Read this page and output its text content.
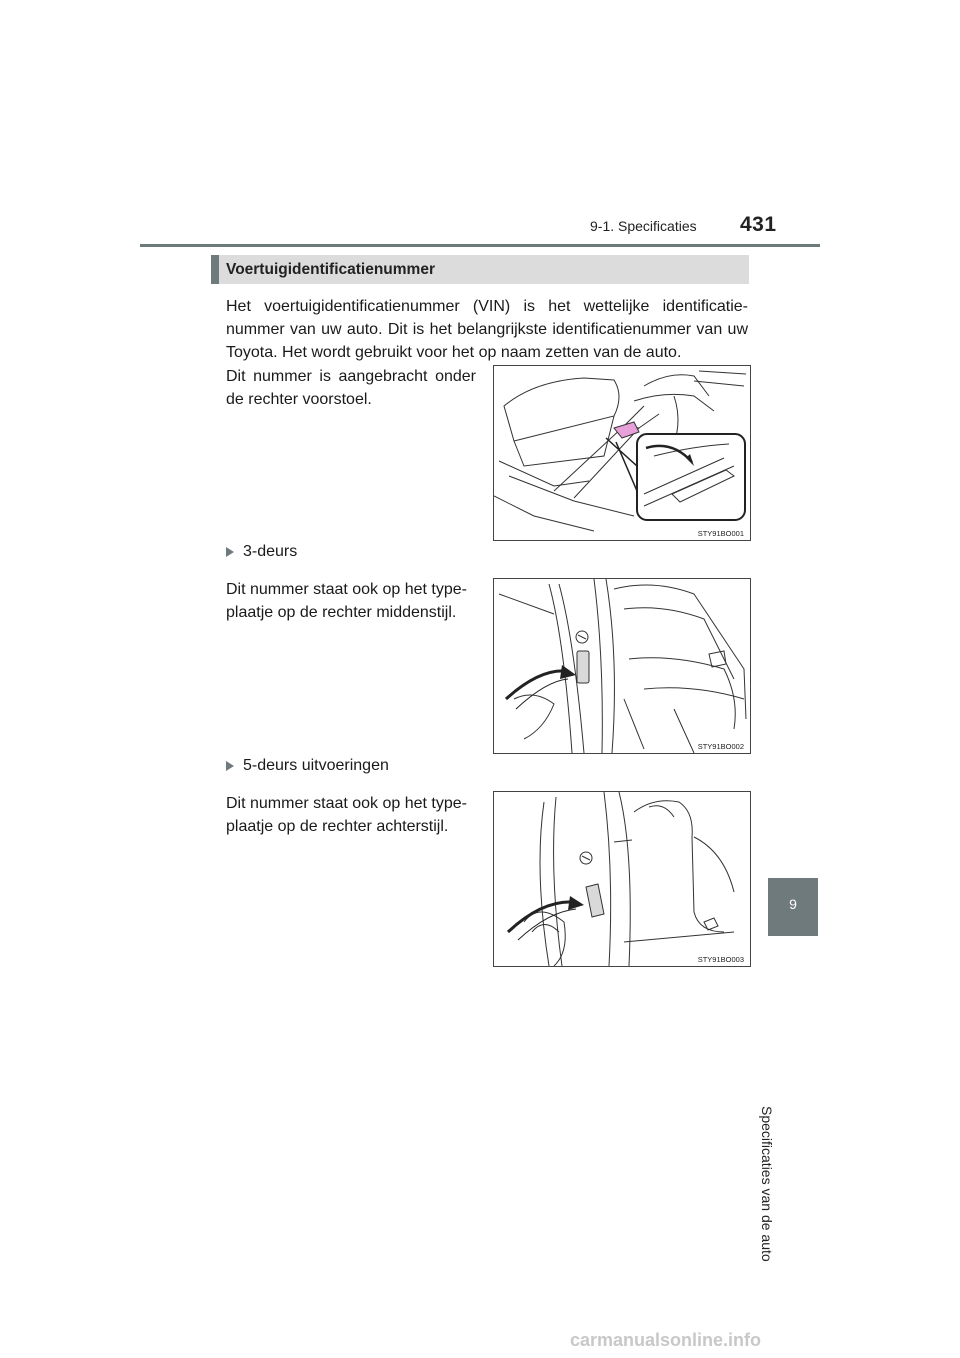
9-1. Specificaties 431
9
Specificaties van de auto
Voertuigidentificatienummer
Het voertuigidentificatienummer (VIN) is het wettelijke identificatie-nummer van uw auto. Dit is het belangrijkste identificatienummer van uw Toyota. Het wordt gebruikt voor het op naam zetten van de auto.
Dit nummer is aangebracht onder de rechter voorstoel.
STY91BO001
3-deurs
Dit nummer staat ook op het type-plaatje op de rechter middenstijl.
STY91BO002
5-deurs uitvoeringen
Dit nummer staat ook op het type-plaatje op de rechter achterstijl.
STY91BO003
carmanualsonline.info
